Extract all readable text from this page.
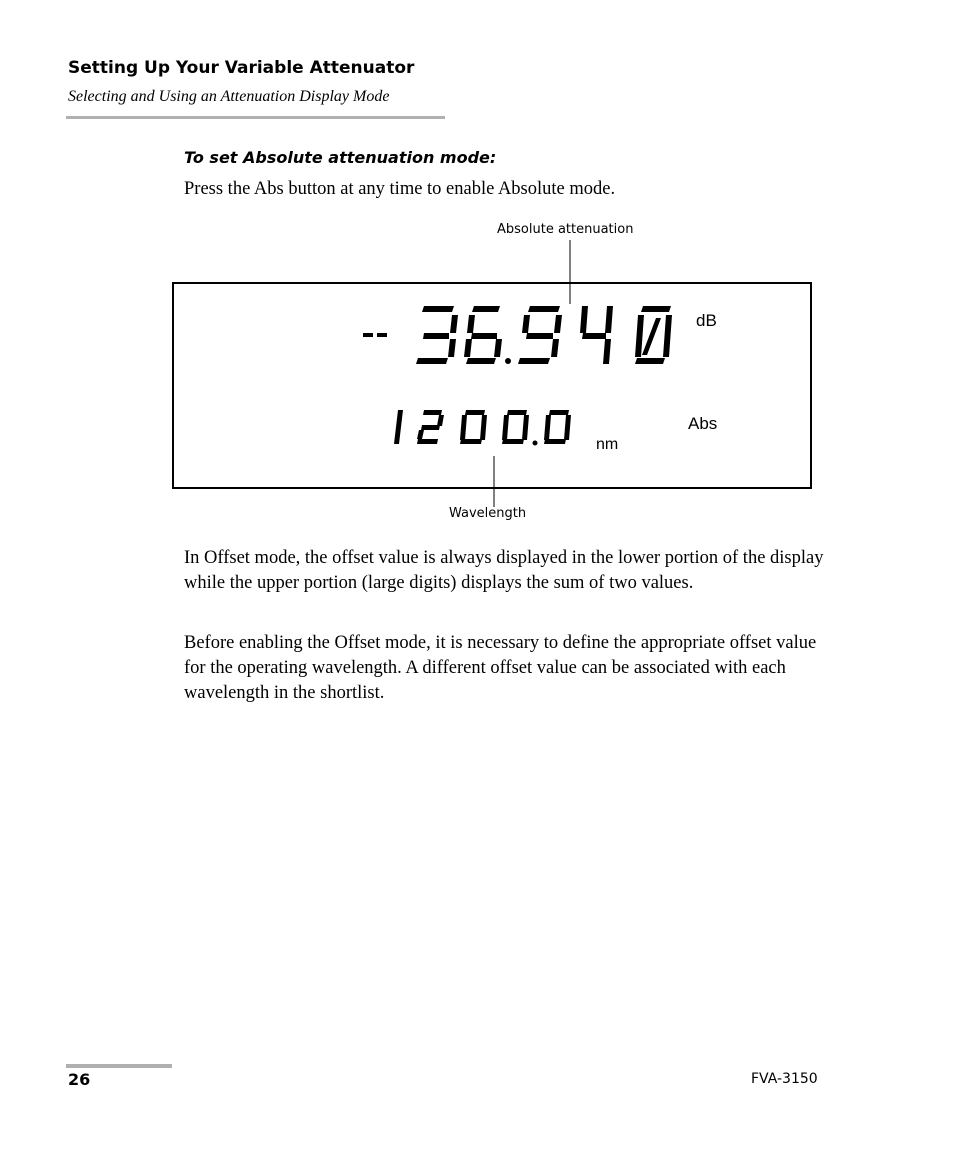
Setting Up Your Variable Attenuator
Selecting and Using an Attenuation Display Mode
To set Absolute attenuation mode:
Press the Abs button at any time to enable Absolute mode.
Absolute attenuation
dB
nm
Abs
Wavelength
In Offset mode, the offset value is always displayed in the lower portion of the display while the upper portion (large digits) displays the sum of two values.
Before enabling the Offset mode, it is necessary to define the appropriate offset value for the operating wavelength. A different offset value can be associated with each wavelength in the shortlist.
26	FVA-3150
